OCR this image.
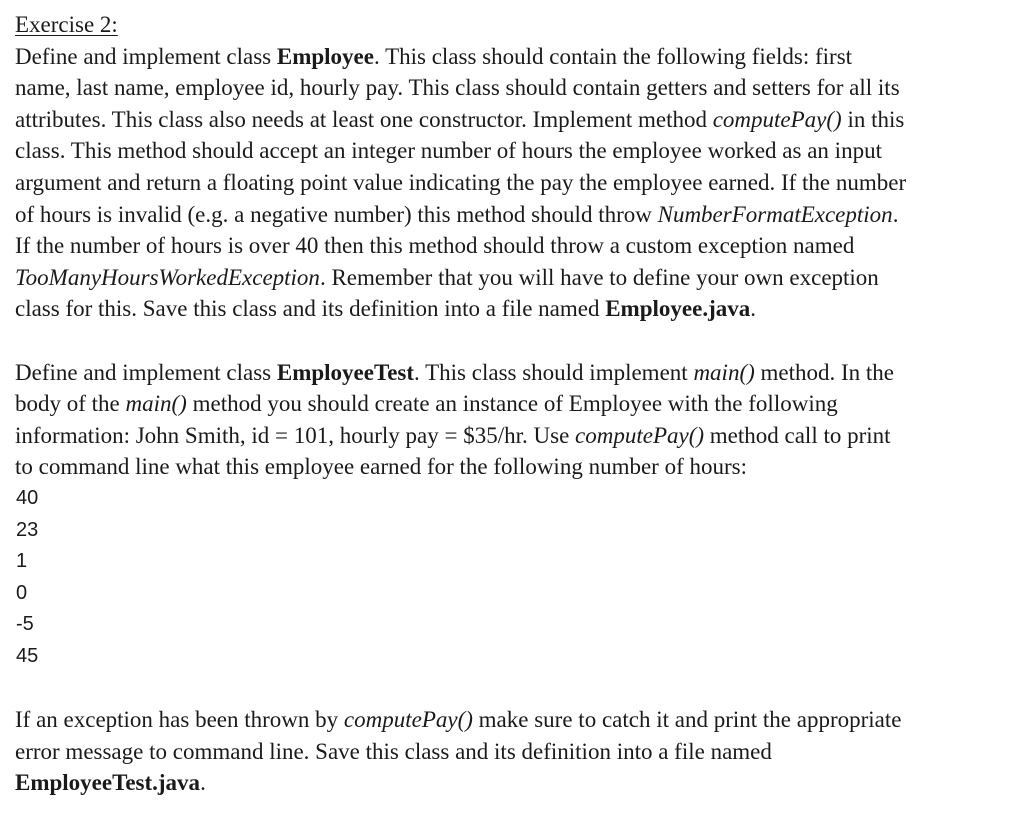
Exercise 2:
Define and implement class Employee. This class should contain the following fields: first
name, last name, employee id, hourly pay. This class should contain getters and setters for all its
attributes. This class also needs at least one constructor. Implement method computePay() in this
class. This method should accept an integer number of hours the employee worked as an input
argument and return a floating point value indicating the pay the employee earned. If the number
of hours is invalid (e.g. a negative number) this method should throw NumberFormatException.
If the number of hours is over 40 then this method should throw a custom exception named
TooManyHoursWorkedException. Remember that you will have to define your own exception
class for this. Save this class and its definition into a file named Employee.java.
Define and implement class EmployeeTest. This class should implement main() method. In the
body of the main() method you should create an instance of Employee with the following
information: John Smith, id = 101, hourly pay = $35/hr. Use computePay() method call to print
to command line what this employee earned for the following number of hours:
40
23
1
0
-5
45
If an exception has been thrown by computePay() make sure to catch it and print the appropriate
error message to command line. Save this class and its definition into a file named
EmployeeTest.java.
